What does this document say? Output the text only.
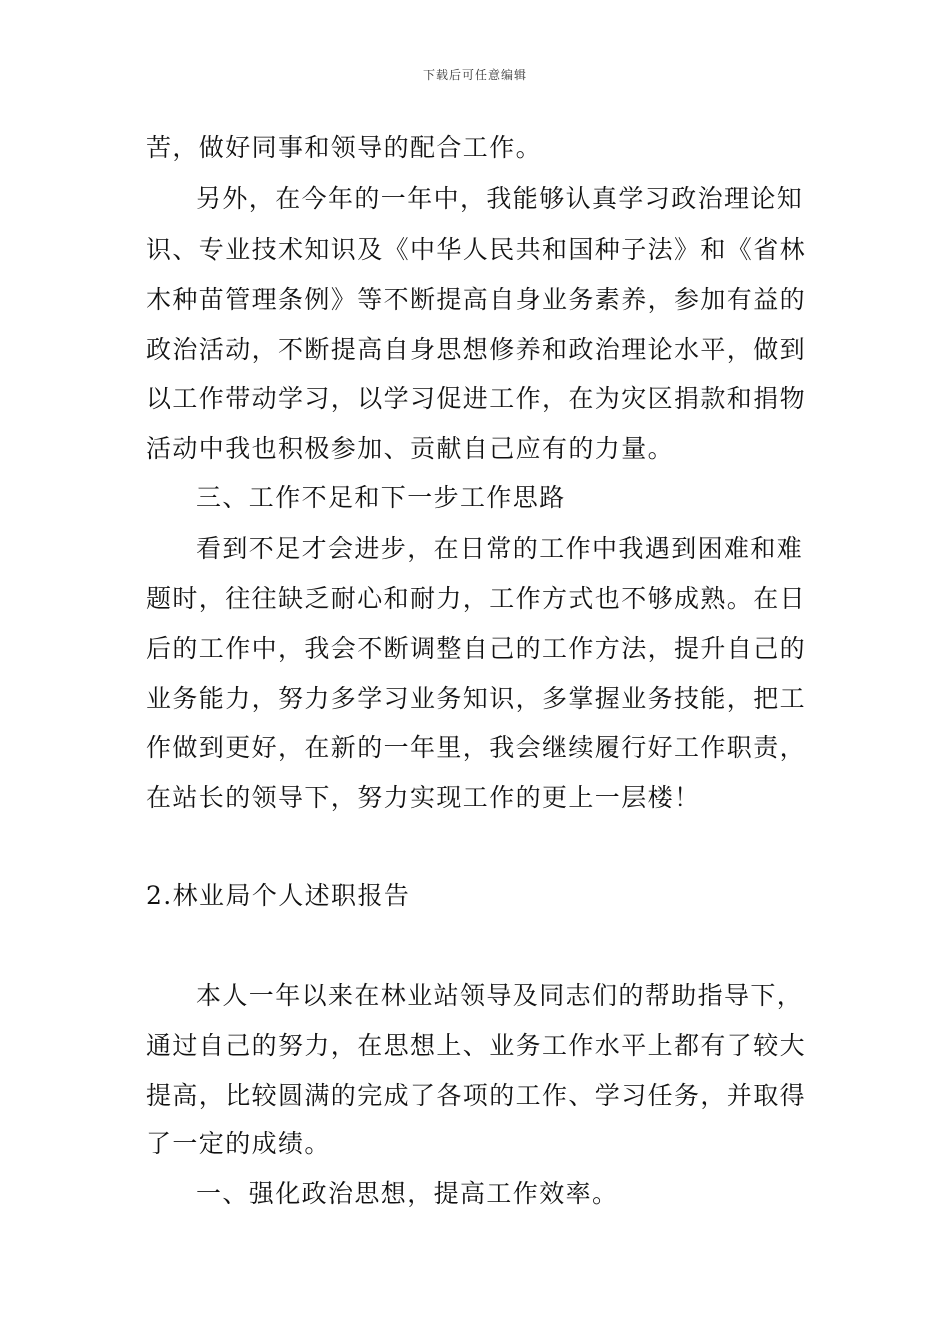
下载后可任意编辑
苦，做好同事和领导的配合工作。
另外，在今年的一年中，我能够认真学习政治理论知
识、专业技术知识及《中华人民共和国种子法》和《省林
木种苗管理条例》等不断提高自身业务素养，参加有益的
政治活动，不断提高自身思想修养和政治理论水平，做到
以工作带动学习，以学习促进工作，在为灾区捐款和捐物
活动中我也积极参加、贡献自己应有的力量。
三、工作不足和下一步工作思路
看到不足才会进步，在日常的工作中我遇到困难和难
题时，往往缺乏耐心和耐力，工作方式也不够成熟。在日
后的工作中，我会不断调整自己的工作方法，提升自己的
业务能力，努力多学习业务知识，多掌握业务技能，把工
作做到更好，在新的一年里，我会继续履行好工作职责，
在站长的领导下，努力实现工作的更上一层楼！
2.林业局个人述职报告
本人一年以来在林业站领导及同志们的帮助指导下，
通过自己的努力，在思想上、业务工作水平上都有了较大
提高，比较圆满的完成了各项的工作、学习任务，并取得
了一定的成绩。
一、强化政治思想，提高工作效率。
